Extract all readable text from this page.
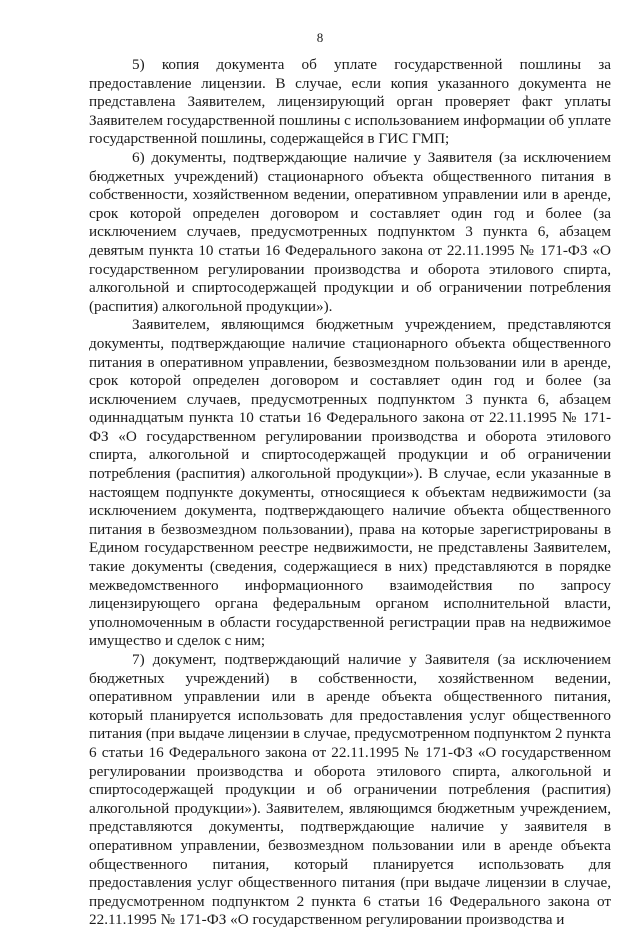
8

5) копия документа об уплате государственной пошлины за предоставление лицензии. В случае, если копия указанного документа не представлена Заявителем, лицензирующий орган проверяет факт уплаты Заявителем государственной пошлины с использованием информации об уплате государственной пошлины, содержащейся в ГИС ГМП;

6) документы, подтверждающие наличие у Заявителя (за исключением бюджетных учреждений) стационарного объекта общественного питания в собственности, хозяйственном ведении, оперативном управлении или в аренде, срок которой определен договором и составляет один год и более (за исключением случаев, предусмотренных подпунктом 3 пункта 6, абзацем девятым пункта 10 статьи 16 Федерального закона от 22.11.1995 № 171-ФЗ «О государственном регулировании производства и оборота этилового спирта, алкогольной и спиртосодержащей продукции и об ограничении потребления (распития) алкогольной продукции»).

Заявителем, являющимся бюджетным учреждением, представляются документы, подтверждающие наличие стационарного объекта общественного питания в оперативном управлении, безвозмездном пользовании или в аренде, срок которой определен договором и составляет один год и более (за исключением случаев, предусмотренных подпунктом 3 пункта 6, абзацем одиннадцатым пункта 10 статьи 16 Федерального закона от 22.11.1995 № 171-ФЗ «О государственном регулировании производства и оборота этилового спирта, алкогольной и спиртосодержащей продукции и об ограничении потребления (распития) алкогольной продукции»). В случае, если указанные в настоящем подпункте документы, относящиеся к объектам недвижимости (за исключением документа, подтверждающего наличие объекта общественного питания в безвозмездном пользовании), права на которые зарегистрированы в Едином государственном реестре недвижимости, не представлены Заявителем, такие документы (сведения, содержащиеся в них) представляются в порядке межведомственного информационного взаимодействия по запросу лицензирующего органа федеральным органом исполнительной власти, уполномоченным в области государственной регистрации прав на недвижимое имущество и сделок с ним;

7) документ, подтверждающий наличие у Заявителя (за исключением бюджетных учреждений) в собственности, хозяйственном ведении, оперативном управлении или в аренде объекта общественного питания, который планируется использовать для предоставления услуг общественного питания (при выдаче лицензии в случае, предусмотренном подпунктом 2 пункта 6 статьи 16 Федерального закона от 22.11.1995 № 171-ФЗ «О государственном регулировании производства и оборота этилового спирта, алкогольной и спиртосодержащей продукции и об ограничении потребления (распития) алкогольной продукции»). Заявителем, являющимся бюджетным учреждением, представляются документы, подтверждающие наличие у заявителя в оперативном управлении, безвозмездном пользовании или в аренде объекта общественного питания, который планируется использовать для предоставления услуг общественного питания (при выдаче лицензии в случае, предусмотренном подпунктом 2 пункта 6 статьи 16 Федерального закона от 22.11.1995 № 171-ФЗ «О государственном регулировании производства и
